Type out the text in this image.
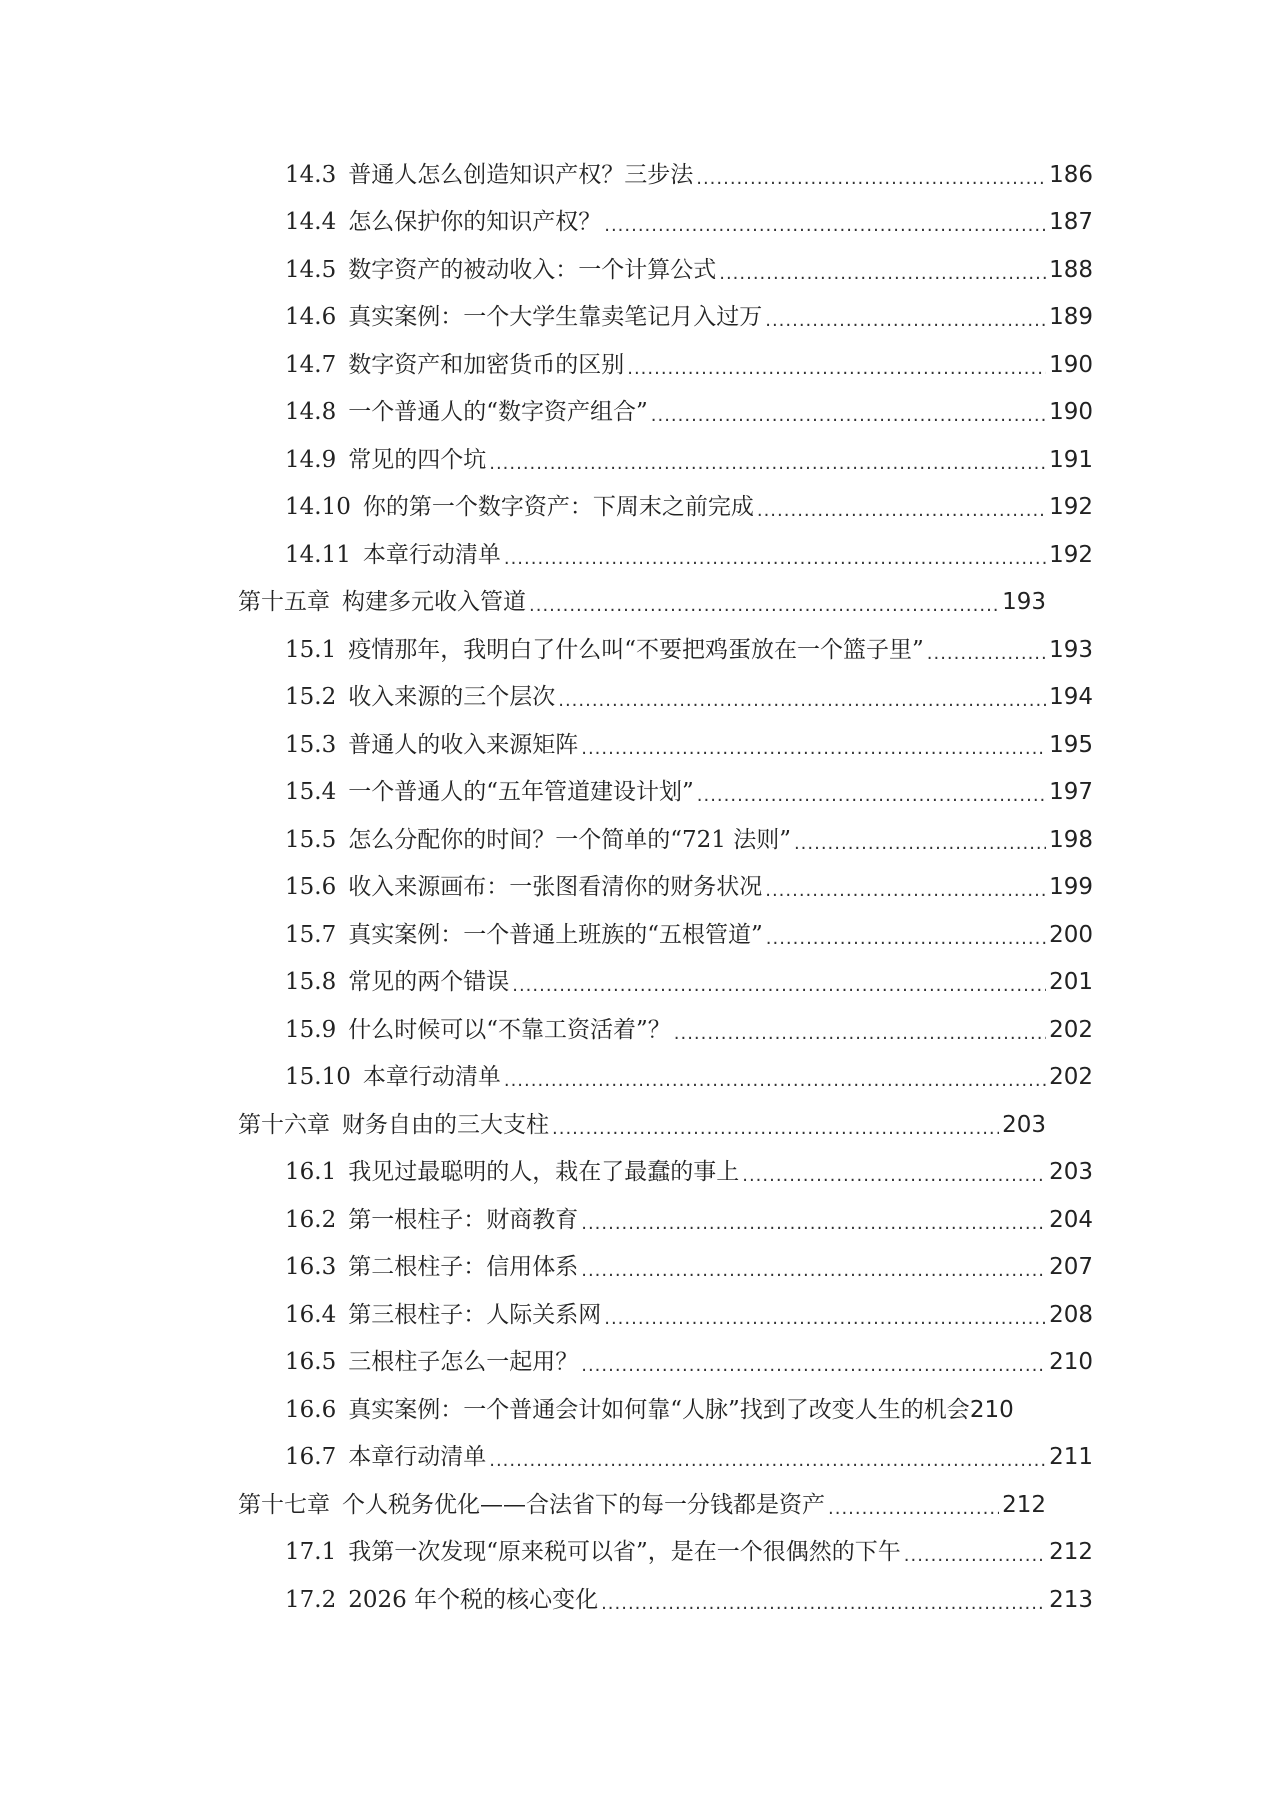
14.3 普通人怎么创造知识产权？三步法 .....	186
14.4 怎么保护你的知识产权？ .....	187
14.5 数字资产的被动收入：一个计算公式 .....	188
14.6 真实案例：一个大学生靠卖笔记月入过万 .....	189
14.7 数字资产和加密货币的区别 .....	190
14.8 一个普通人的“数字资产组合” .....	190
14.9 常见的四个坑 .....	191
14.10 你的第一个数字资产：下周末之前完成 .....	192
14.11 本章行动清单 .....	192
第十五章 构建多元收入管道 .....	193
15.1 疫情那年，我明白了什么叫“不要把鸡蛋放在一个篮子里” .....	193
15.2 收入来源的三个层次 .....	194
15.3 普通人的收入来源矩阵 .....	195
15.4 一个普通人的“五年管道建设计划” .....	197
15.5 怎么分配你的时间？一个简单的“721 法则” .....	198
15.6 收入来源画布：一张图看清你的财务状况 .....	199
15.7 真实案例：一个普通上班族的“五根管道” .....	200
15.8 常见的两个错误 .....	201
15.9 什么时候可以“不靠工资活着”？ .....	202
15.10 本章行动清单 .....	202
第十六章 财务自由的三大支柱 .....	203
16.1 我见过最聪明的人，栽在了最蠢的事上 .....	203
16.2 第一根柱子：财商教育 .....	204
16.3 第二根柱子：信用体系 .....	207
16.4 第三根柱子：人际关系网 .....	208
16.5 三根柱子怎么一起用？ .....	210
16.6 真实案例：一个普通会计如何靠“人脉”找到了改变人生的机会 210
16.7 本章行动清单 .....	211
第十七章 个人税务优化——合法省下的每一分钱都是资产 .....	212
17.1 我第一次发现“原来税可以省”，是在一个很偶然的下午 .....	212
17.2 2026 年个税的核心变化 .....	213
